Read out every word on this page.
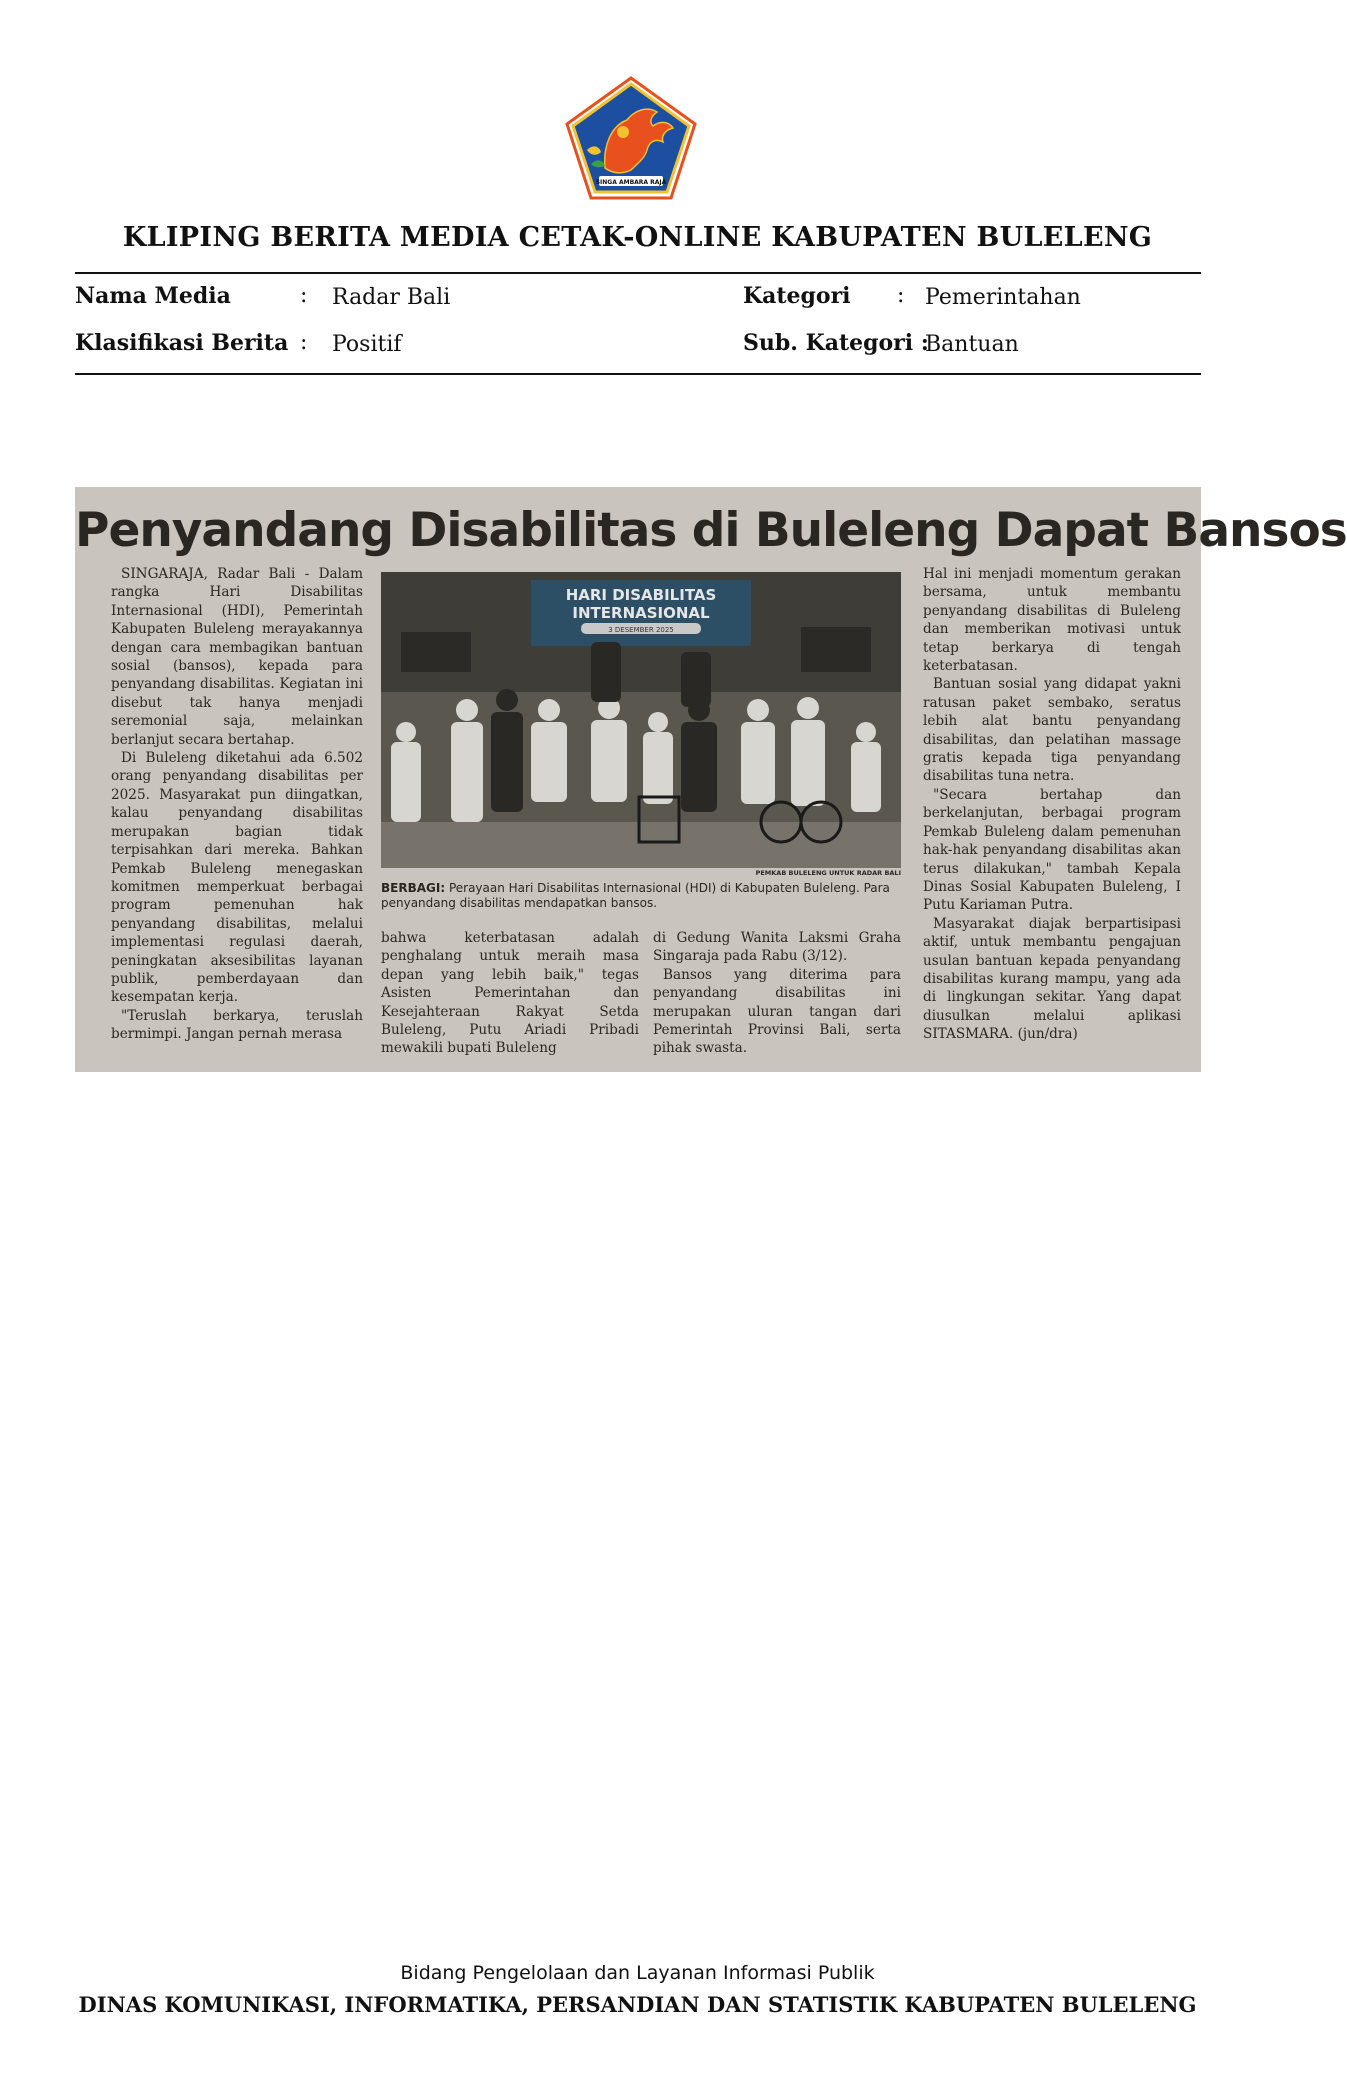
SINGA AMBARA RAJA
KLIPING BERITA MEDIA CETAK-ONLINE KABUPATEN BULELENG
Nama Media	: Radar Bali	Kategori : Pemerintahan
Klasifikasi Berita : Positif	Sub. Kategori :
Bantuan
Penyandang Disabilitas di Buleleng Dapat Bansos

SINGARAJA, Radar Bali - Dalam rangka Hari Disabilitas Internasional (HDI), Pemerintah Kabupaten Buleleng merayakannya dengan cara membagikan bantuan sosial (bansos), kepada para penyandang disabilitas. Kegiatan ini disebut tak hanya menjadi seremonial saja, melainkan berlanjut secara bertahap.

Di Buleleng diketahui ada 6.502 orang penyandang disabilitas per 2025. Masyarakat pun diingatkan, kalau penyandang disabilitas merupakan bagian tidak terpisahkan dari mereka. Bahkan Pemkab Buleleng menegaskan komitmen memperkuat berbagai program pemenuhan hak penyandang disabilitas, melalui implementasi regulasi daerah, peningkatan aksesibilitas layanan publik, pemberdayaan dan kesempatan kerja.

"Teruslah berkarya, teruslah bermimpi. Jangan pernah merasa

HARI DISABILITAS
INTERNASIONAL
3 DESEMBER 2025
PEMKAB BULELENG UNTUK RADAR BALI
BERBAGI: Perayaan Hari Disabilitas Internasional (HDI) di Kabupaten Buleleng. Para penyandang disabilitas mendapatkan bansos.

bahwa keterbatasan adalah penghalang untuk meraih masa depan yang lebih baik," tegas Asisten Pemerintahan dan Kesejahteraan Rakyat Setda Buleleng, Putu Ariadi Pribadi mewakili bupati Buleleng

di Gedung Wanita Laksmi Graha Singaraja pada Rabu (3/12).

Bansos yang diterima para penyandang disabilitas ini merupakan uluran tangan dari Pemerintah Provinsi Bali, serta pihak swasta.

Hal ini menjadi momentum gerakan bersama, untuk membantu penyandang disabilitas di Buleleng dan memberikan motivasi untuk tetap berkarya di tengah keterbatasan.

Bantuan sosial yang didapat yakni ratusan paket sembako, seratus lebih alat bantu penyandang disabilitas, dan pelatihan massage gratis kepada tiga penyandang disabilitas tuna netra.

"Secara bertahap dan berkelanjutan, berbagai program Pemkab Buleleng dalam pemenuhan hak-hak penyandang disabilitas akan terus dilakukan," tambah Kepala Dinas Sosial Kabupaten Buleleng, I Putu Kariaman Putra.

Masyarakat diajak berpartisipasi aktif, untuk membantu pengajuan usulan bantuan kepada penyandang disabilitas kurang mampu, yang ada di lingkungan sekitar. Yang dapat diusulkan melalui aplikasi SITASMARA. (jun/dra)

Bidang Pengelolaan dan Layanan Informasi Publik
DINAS KOMUNIKASI, INFORMATIKA, PERSANDIAN DAN STATISTIK KABUPATEN BULELENG
